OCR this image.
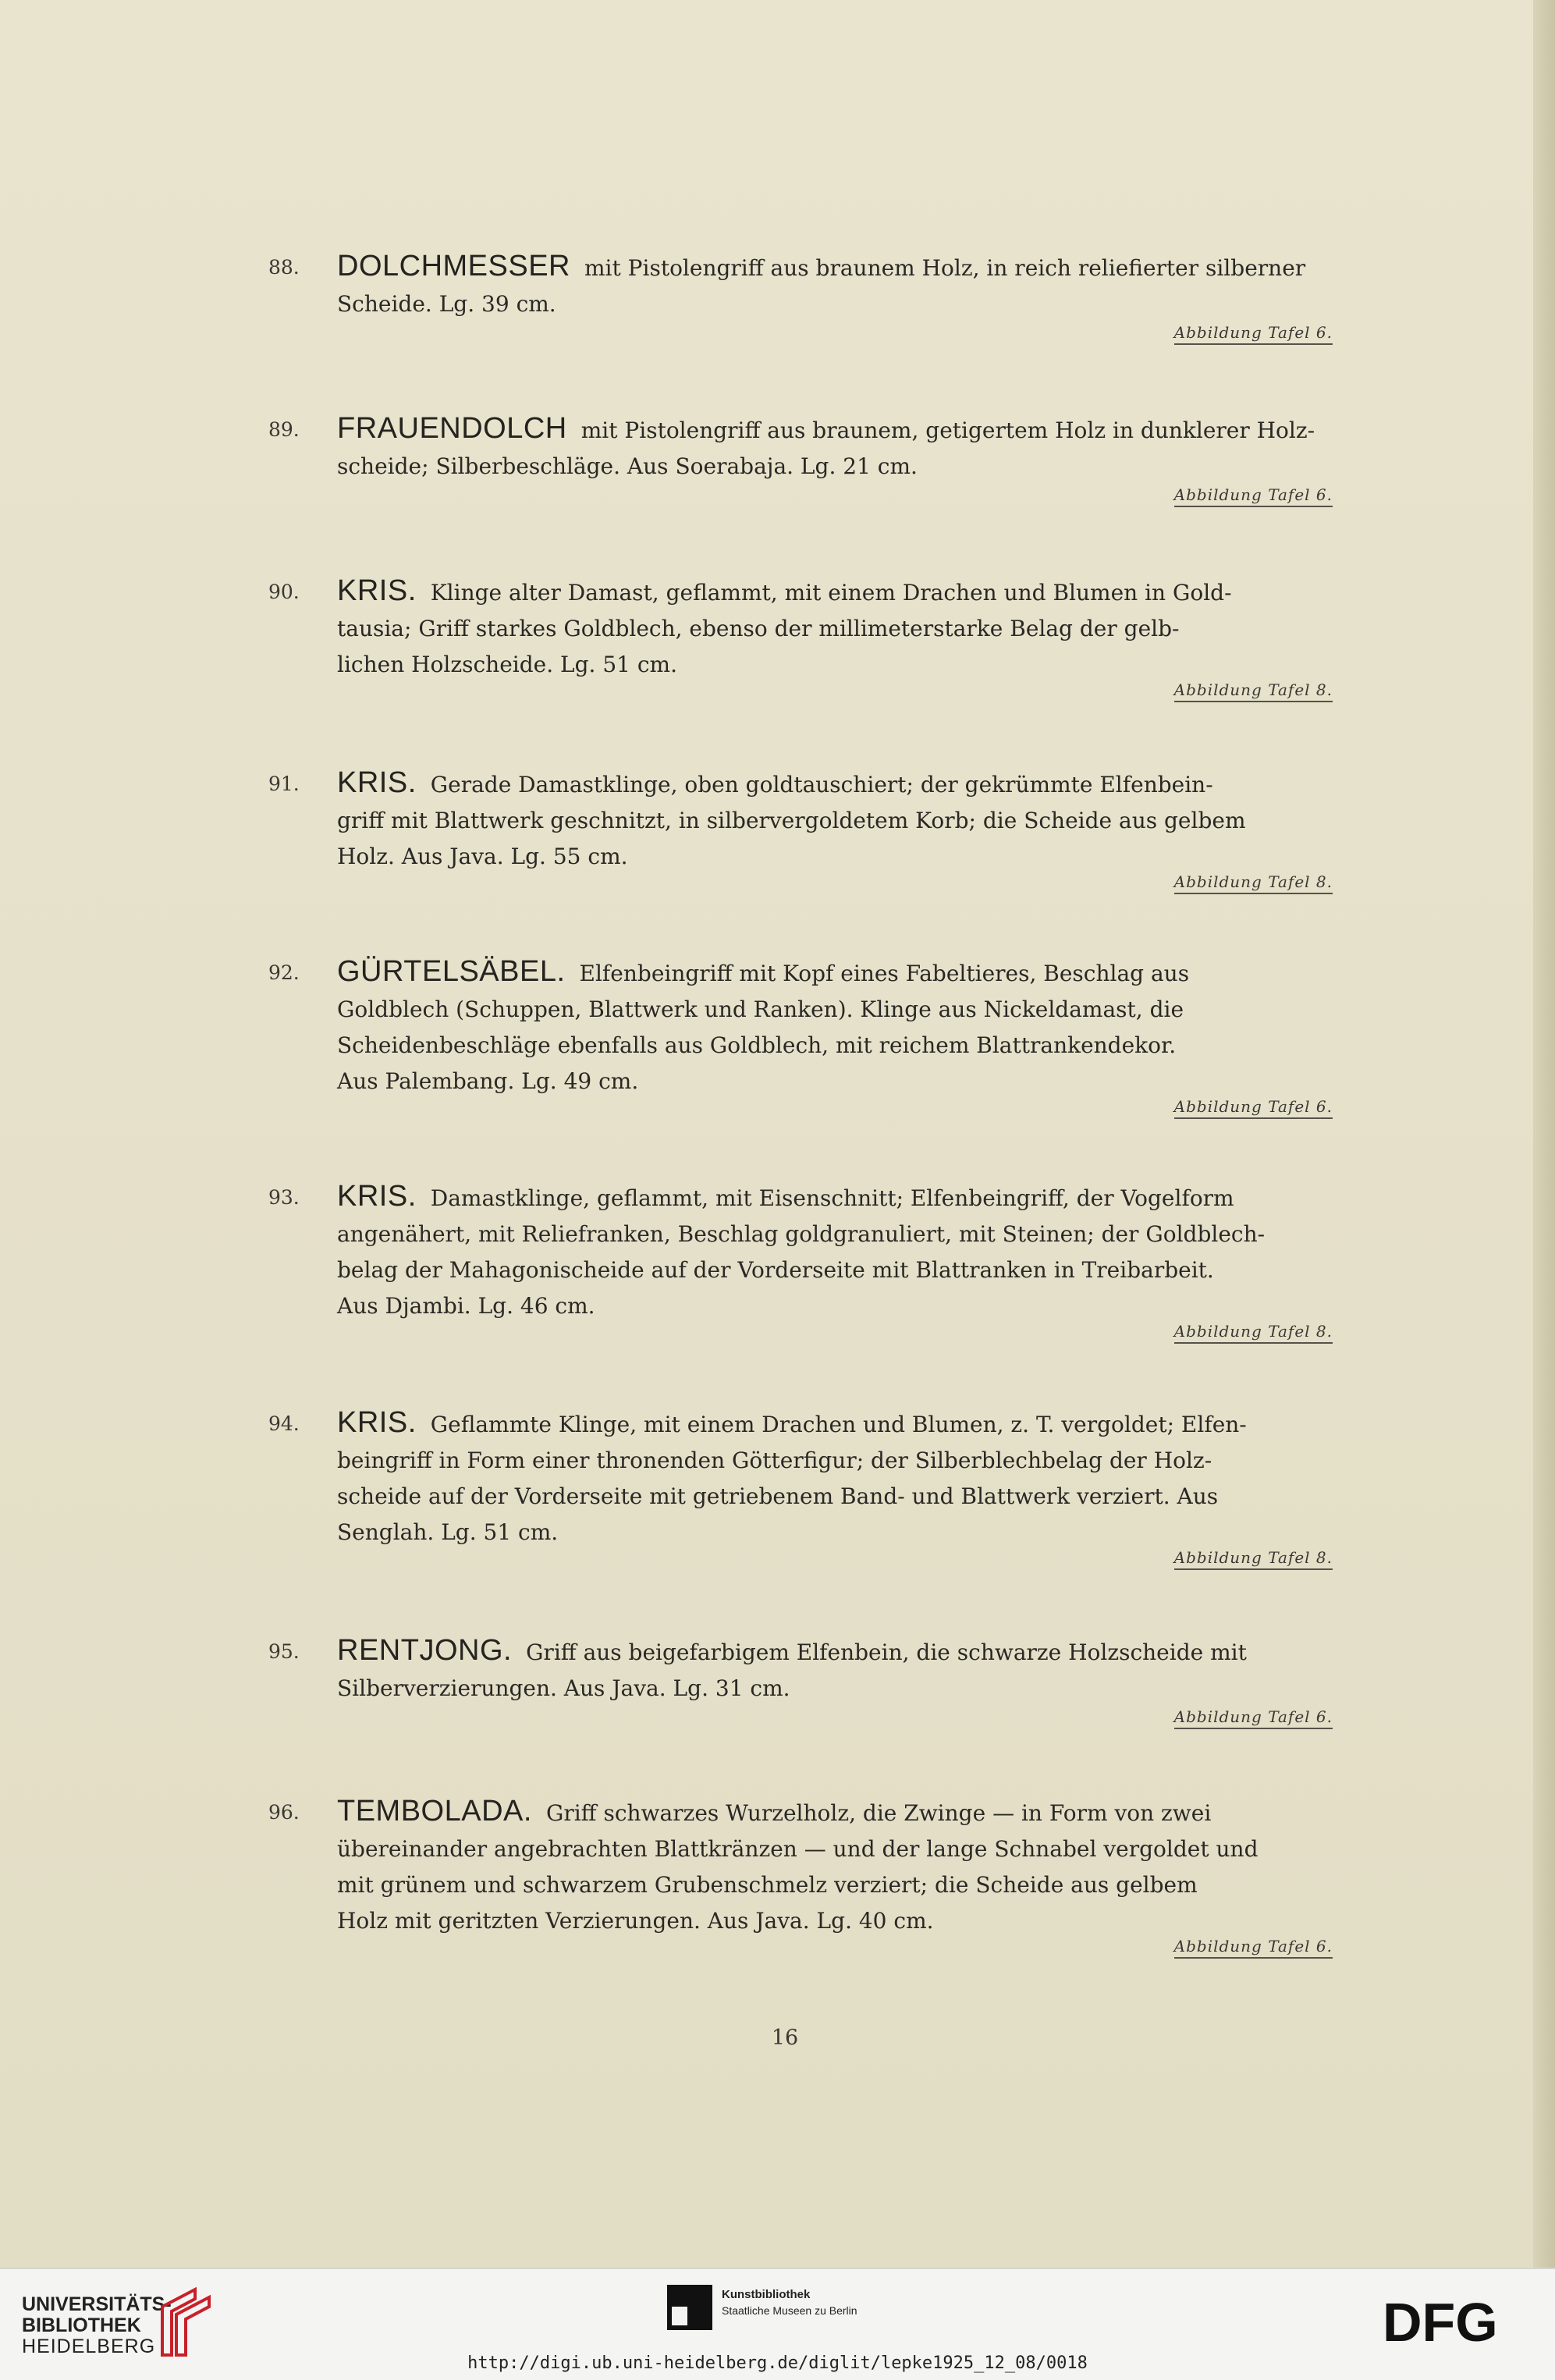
88. DOLCHMESSER mit Pistolengriff aus braunem Holz, in reich reliefierter silberner
Scheide. Lg. 39 cm.
Abbildung Tafel 6.
89. FRAUENDOLCH mit Pistolengriff aus braunem, getigertem Holz in dunklerer Holz-
scheide; Silberbeschläge. Aus Soerabaja. Lg. 21 cm.
Abbildung Tafel 6.
90. KRIS. Klinge alter Damast, geflammt, mit einem Drachen und Blumen in Gold-
tausia; Griff starkes Goldblech, ebenso der millimeterstarke Belag der gelb-
lichen Holzscheide. Lg. 51 cm.
Abbildung Tafel 8.
91. KRIS. Gerade Damastklinge, oben goldtauschiert; der gekrümmte Elfenbein-
griff mit Blattwerk geschnitzt, in silbervergoldetem Korb; die Scheide aus gelbem
Holz. Aus Java. Lg. 55 cm.
Abbildung Tafel 8.
92. GÜRTELSÄBEL. Elfenbeingriff mit Kopf eines Fabeltieres, Beschlag aus
Goldblech (Schuppen, Blattwerk und Ranken). Klinge aus Nickeldamast, die
Scheidenbeschläge ebenfalls aus Goldblech, mit reichem Blattrankendekor.
Aus Palembang. Lg. 49 cm.
Abbildung Tafel 6.
93. KRIS. Damastklinge, geflammt, mit Eisenschnitt; Elfenbeingriff, der Vogelform
angenähert, mit Reliefranken, Beschlag goldgranuliert, mit Steinen; der Goldblech-
belag der Mahagonischeide auf der Vorderseite mit Blattranken in Treibarbeit.
Aus Djambi. Lg. 46 cm.
Abbildung Tafel 8.
94. KRIS. Geflammte Klinge, mit einem Drachen und Blumen, z. T. vergoldet; Elfen-
beingriff in Form einer thronenden Götterfigur; der Silberblechbelag der Holz-
scheide auf der Vorderseite mit getriebenem Band- und Blattwerk verziert. Aus
Senglah. Lg. 51 cm.
Abbildung Tafel 8.
95. RENTJONG. Griff aus beigefarbigem Elfenbein, die schwarze Holzscheide mit
Silberverzierungen. Aus Java. Lg. 31 cm.
Abbildung Tafel 6.
96. TEMBOLADA. Griff schwarzes Wurzelholz, die Zwinge — in Form von zwei
übereinander angebrachten Blattkränzen — und der lange Schnabel vergoldet und
mit grünem und schwarzem Grubenschmelz verziert; die Scheide aus gelbem
Holz mit geritzten Verzierungen. Aus Java. Lg. 40 cm.
Abbildung Tafel 6.
16
UNIVERSITÄTS-
BIBLIOTHEK
HEIDELBERG
Kunstbibliothek
Staatliche Museen zu Berlin	DFG
http://digi.ub.uni-heidelberg.de/diglit/lepke1925_12_08/0018
